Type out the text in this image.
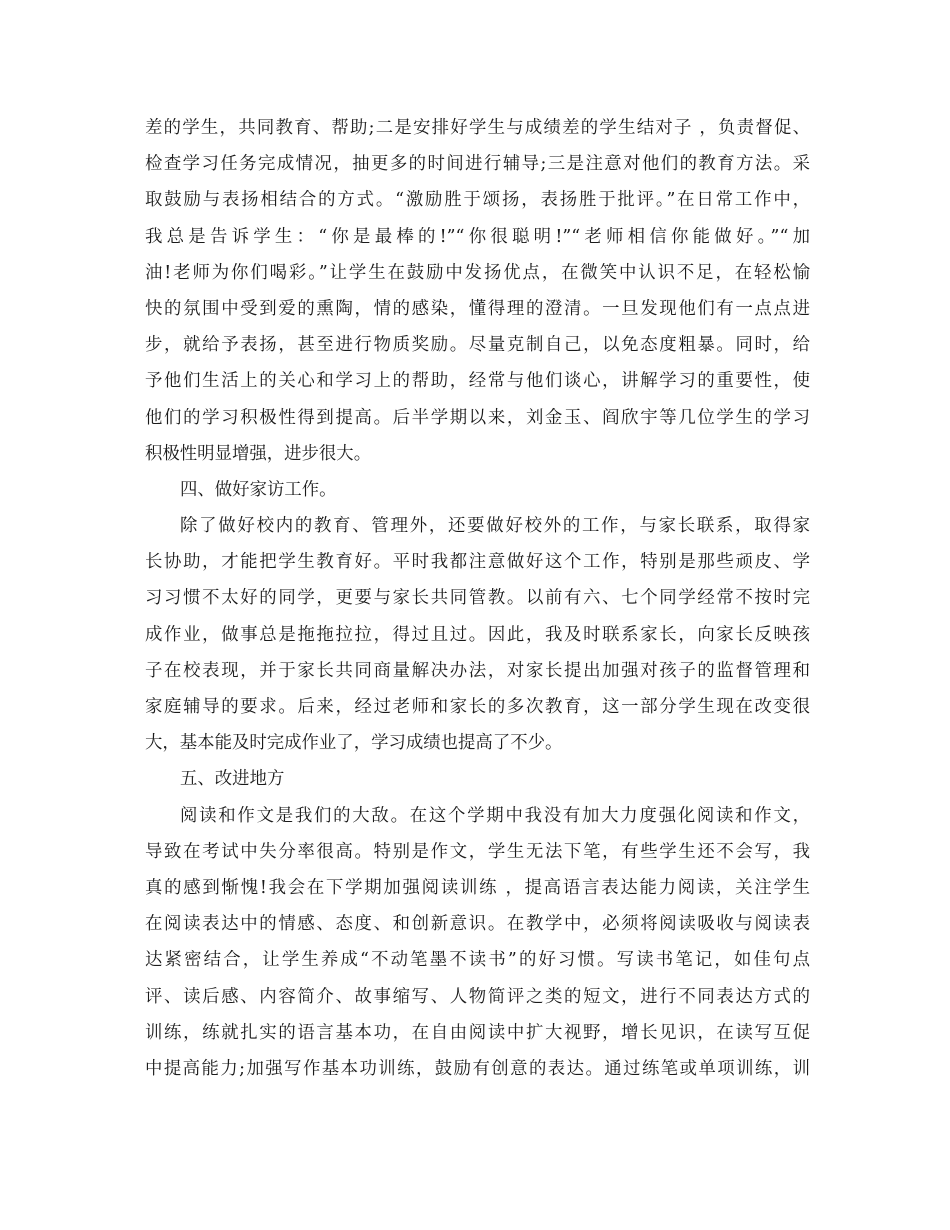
差的学生，共同教育、帮助;二是安排好学生与成绩差的学生结对子 ，负责督促、
检查学习任务完成情况，抽更多的时间进行辅导;三是注意对他们的教育方法。采
取鼓励与表扬相结合的方式。“激励胜于颂扬，表扬胜于批评。”在日常工作中，
我总是告诉学生：“你是最棒的!”“你很聪明!”“老师相信你能做好。”“加
油!老师为你们喝彩。”让学生在鼓励中发扬优点，在微笑中认识不足，在轻松愉
快的氛围中受到爱的熏陶，情的感染，懂得理的澄清。一旦发现他们有一点点进
步，就给予表扬，甚至进行物质奖励。尽量克制自己，以免态度粗暴。同时，给
予他们生活上的关心和学习上的帮助，经常与他们谈心，讲解学习的重要性，使
他们的学习积极性得到提高。后半学期以来，刘金玉、阎欣宇等几位学生的学习
积极性明显增强，进步很大。
四、做好家访工作。
除了做好校内的教育、管理外，还要做好校外的工作，与家长联系，取得家
长协助，才能把学生教育好。平时我都注意做好这个工作，特别是那些顽皮、学
习习惯不太好的同学，更要与家长共同管教。以前有六、七个同学经常不按时完
成作业，做事总是拖拖拉拉，得过且过。因此，我及时联系家长，向家长反映孩
子在校表现，并于家长共同商量解决办法，对家长提出加强对孩子的监督管理和
家庭辅导的要求。后来，经过老师和家长的多次教育，这一部分学生现在改变很
大，基本能及时完成作业了，学习成绩也提高了不少。
五、改进地方
阅读和作文是我们的大敌。在这个学期中我没有加大力度强化阅读和作文，
导致在考试中失分率很高。特别是作文，学生无法下笔，有些学生还不会写，我
真的感到惭愧!我会在下学期加强阅读训练 ，提高语言表达能力阅读，关注学生
在阅读表达中的情感、态度、和创新意识。在教学中，必须将阅读吸收与阅读表
达紧密结合，让学生养成“不动笔墨不读书”的好习惯。写读书笔记，如佳句点
评、读后感、内容简介、故事缩写、人物简评之类的短文，进行不同表达方式的
训练，练就扎实的语言基本功，在自由阅读中扩大视野，增长见识，在读写互促
中提高能力;加强写作基本功训练，鼓励有创意的表达。通过练笔或单项训练，训
